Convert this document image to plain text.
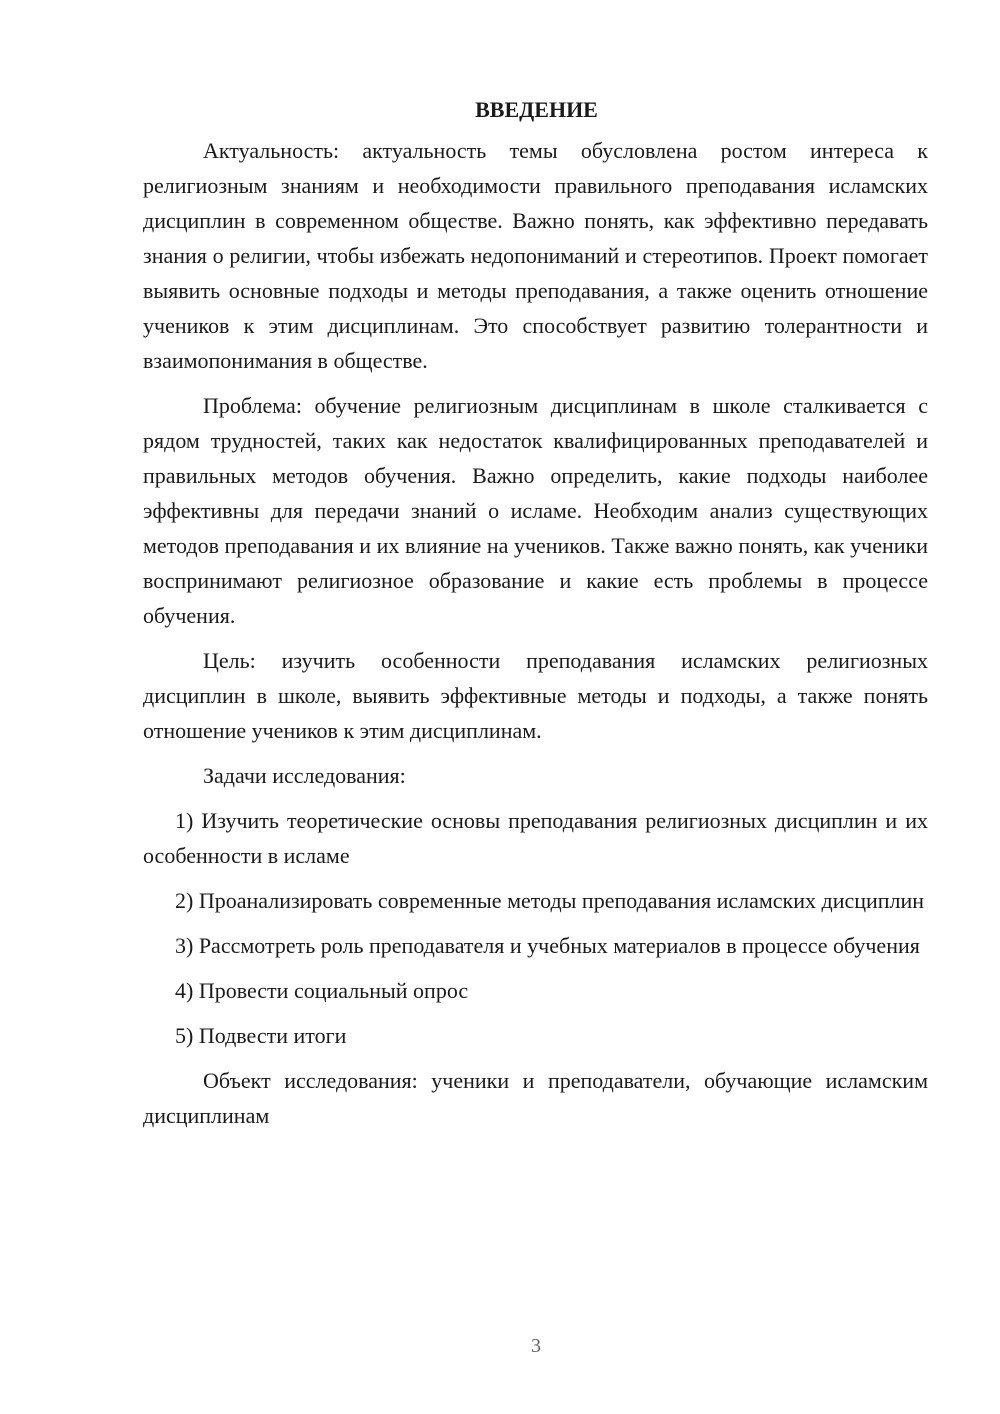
ВВЕДЕНИЕ

Актуальность: актуальность темы обусловлена ростом интереса к религиозным знаниям и необходимости правильного преподавания исламских дисциплин в современном обществе. Важно понять, как эффективно передавать знания о религии, чтобы избежать недопониманий и стереотипов. Проект помогает выявить основные подходы и методы преподавания, а также оценить отношение учеников к этим дисциплинам. Это способствует развитию толерантности и взаимопонимания в обществе.

Проблема: обучение религиозным дисциплинам в школе сталкивается с рядом трудностей, таких как недостаток квалифицированных преподавателей и правильных методов обучения. Важно определить, какие подходы наиболее эффективны для передачи знаний о исламе. Необходим анализ существующих методов преподавания и их влияние на учеников. Также важно понять, как ученики воспринимают религиозное образование и какие есть проблемы в процессе обучения.

Цель: изучить особенности преподавания исламских религиозных дисциплин в школе, выявить эффективные методы и подходы, а также понять отношение учеников к этим дисциплинам.

Задачи исследования:

1) Изучить теоретические основы преподавания религиозных дисциплин и их особенности в исламе

2) Проанализировать современные методы преподавания исламских дисциплин

3) Рассмотреть роль преподавателя и учебных материалов в процессе обучения

4) Провести социальный опрос

5) Подвести итоги

Объект исследования: ученики и преподаватели, обучающие исламским дисциплинам

3
